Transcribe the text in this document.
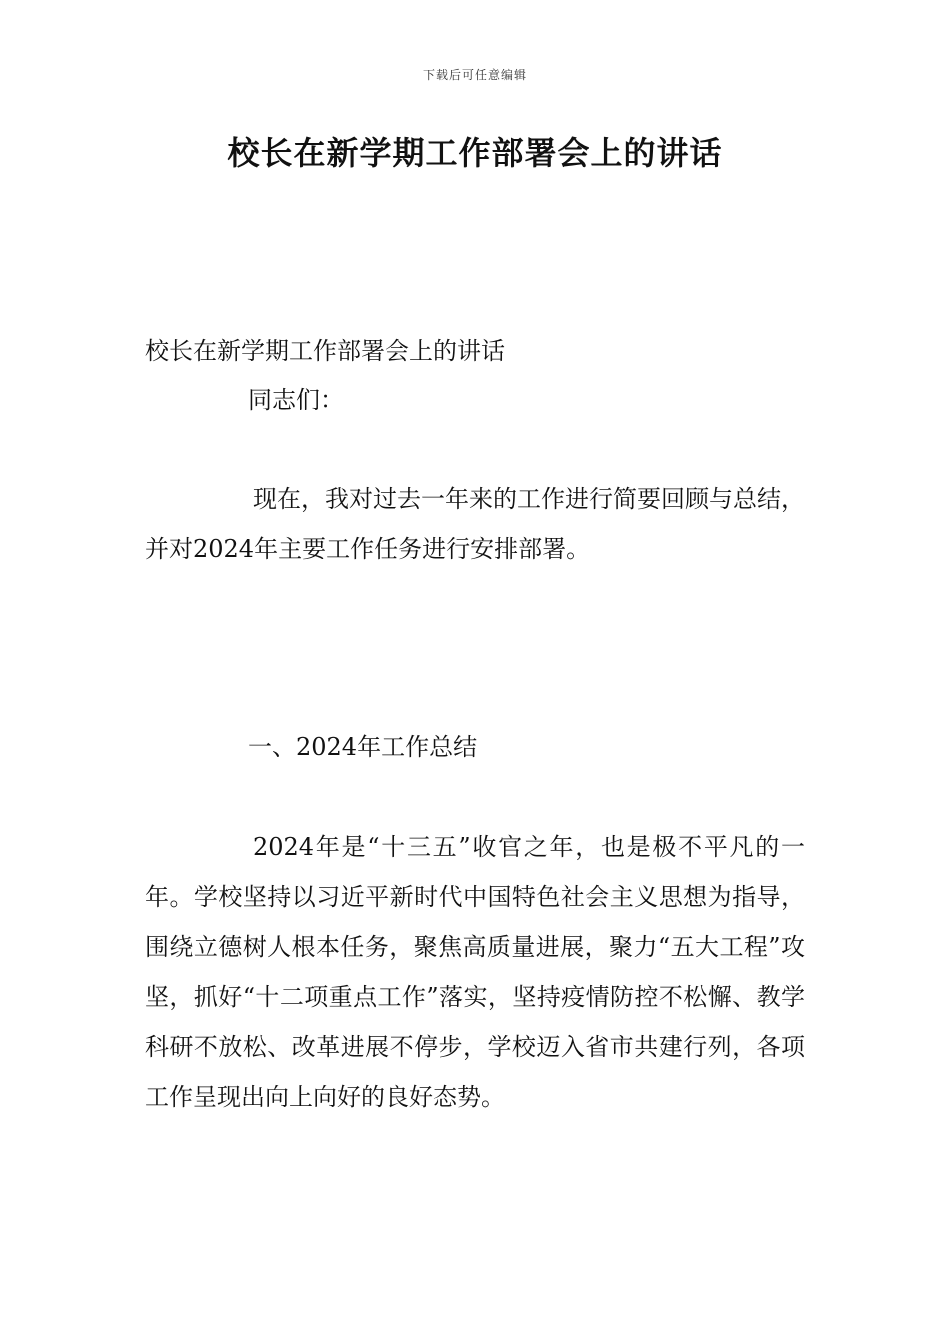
下载后可任意编辑
校长在新学期工作部署会上的讲话

校长在新学期工作部署会上的讲话

同志们：

现在，我对过去一年来的工作进行简要回顾与总结，并对2024年主要工作任务进行安排部署。

一、2024年工作总结

2024年是“十三五”收官之年，也是极不平凡的一年。学校坚持以习近平新时代中国特色社会主义思想为指导，围绕立德树人根本任务，聚焦高质量进展，聚力“五大工程”攻坚，抓好“十二项重点工作”落实，坚持疫情防控不松懈、教学科研不放松、改革进展不停步，学校迈入省市共建行列，各项工作呈现出向上向好的良好态势。
